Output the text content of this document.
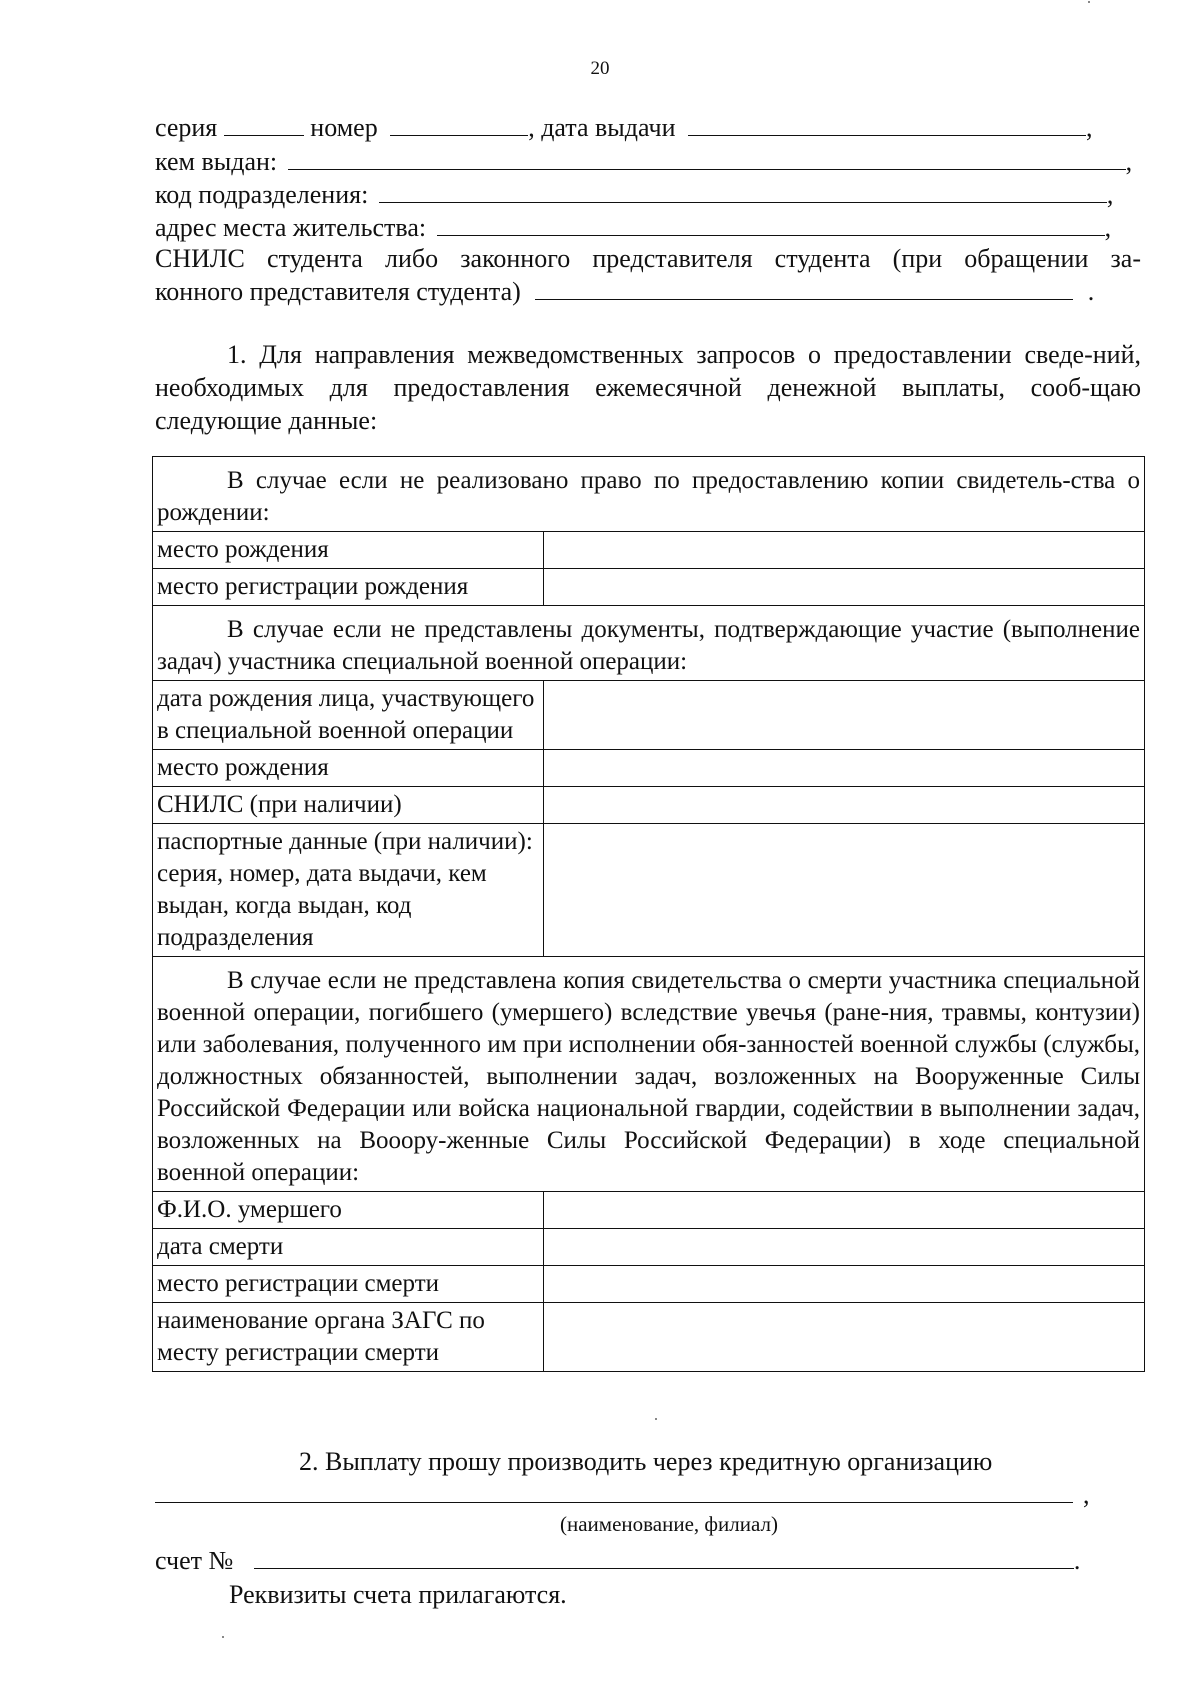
20
серия	номер	, дата выдачи	,
кем выдан:	,
код подразделения:	,
адрес места жительства:	,
СНИЛС студента либо законного представителя студента (при обращении за-
конного представителя студента)	.
1. Для направления межведомственных запросов о предоставлении сведе-ний, необходимых для предоставления ежемесячной денежной выплаты, сооб-щаю следующие данные:
В случае если не реализовано право по предоставлению копии свидетель-ства о рождении:	
место рождения	
место регистрации рождения	
В случае если не представлены документы, подтверждающие участие (выполнение задач) участника специальной военной операции:	
дата рождения лица, участвующего в специальной военной операции	
место рождения	
СНИЛС (при наличии)	
паспортные данные (при наличии): серия, номер, дата выдачи, кем выдан, когда выдан, код подразделения	
В случае если не представлена копия свидетельства о смерти участника специальной военной операции, погибшего (умершего) вследствие увечья (ране-ния, травмы, контузии) или заболевания, полученного им при исполнении обя-занностей военной службы (службы, должностных обязанностей, выполнении задач, возложенных на Вооруженные Силы Российской Федерации или войска национальной гвардии, содействии в выполнении задач, возложенных на Вооору-женные Силы Российской Федерации) в ходе специальной военной операции:	
Ф.И.О. умершего	
дата смерти	
место регистрации смерти	
наименование органа ЗАГС по месту регистрации смерти	
2. Выплату прошу производить через кредитную организацию
,
(наименование, филиал)
счет №	.
Реквизиты счета прилагаются.
